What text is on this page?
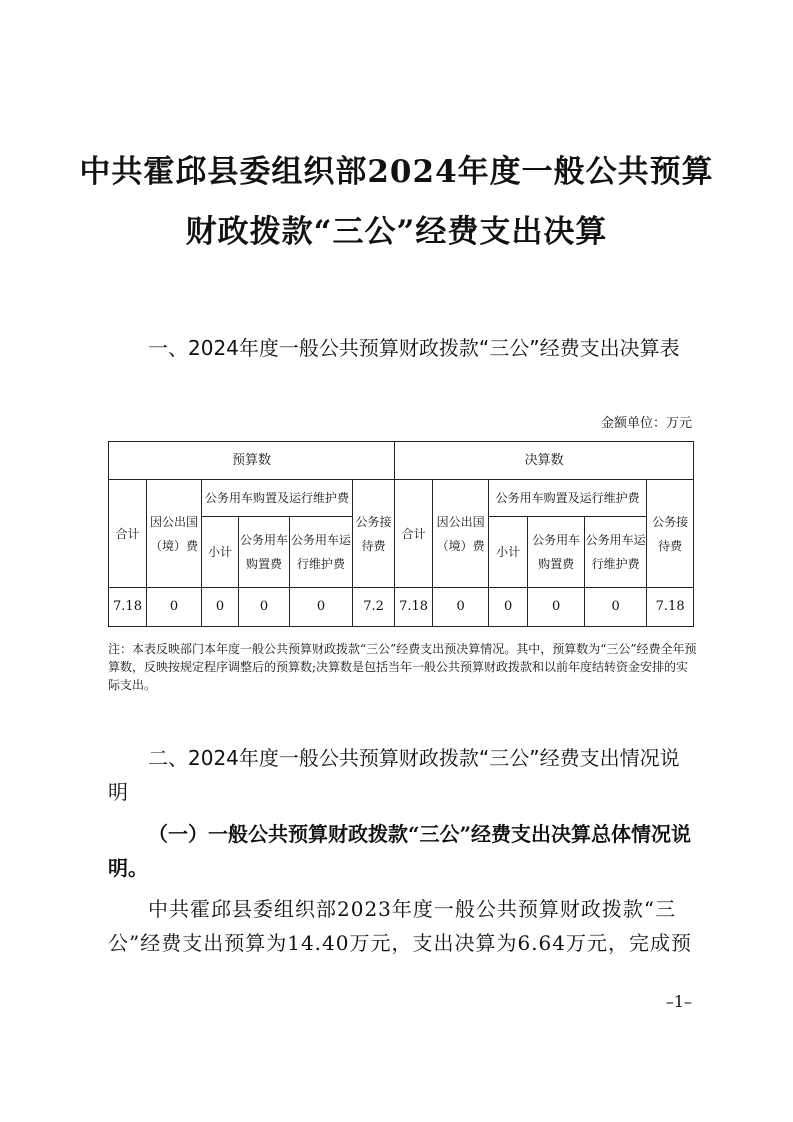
中共霍邱县委组织部2024年度一般公共预算
财政拨款“三公”经费支出决算
一、2024年度一般公共预算财政拨款“三公”经费支出决算表
金额单位：万元
预算数						决算数					
合计	因公出国（境）费	公务用车购置及运行维护费			公务接待费	合计	因公出国（境）费	公务用车购置及运行维护费			公务接待费
		小计	公务用车购置费	公务用车运行维护费				小计	公务用车购置费	公务用车运行维护费	
7.18	0	0	0	0	7.2	7.18	0	0	0	0	7.18
注：本表反映部门本年度一般公共预算财政拨款“三公”经费支出预决算情况。其中，预算数为“三公”经费全年预算数，反映按规定程序调整后的预算数;决算数是包括当年一般公共预算财政拨款和以前年度结转资金安排的实际支出。
二、2024年度一般公共预算财政拨款“三公”经费支出情况说明
（一）一般公共预算财政拨款“三公”经费支出决算总体情况说明。
中共霍邱县委组织部2023年度一般公共预算财政拨款“三公”经费支出预算为14.40万元，支出决算为6.64万元，完成预
–1–
